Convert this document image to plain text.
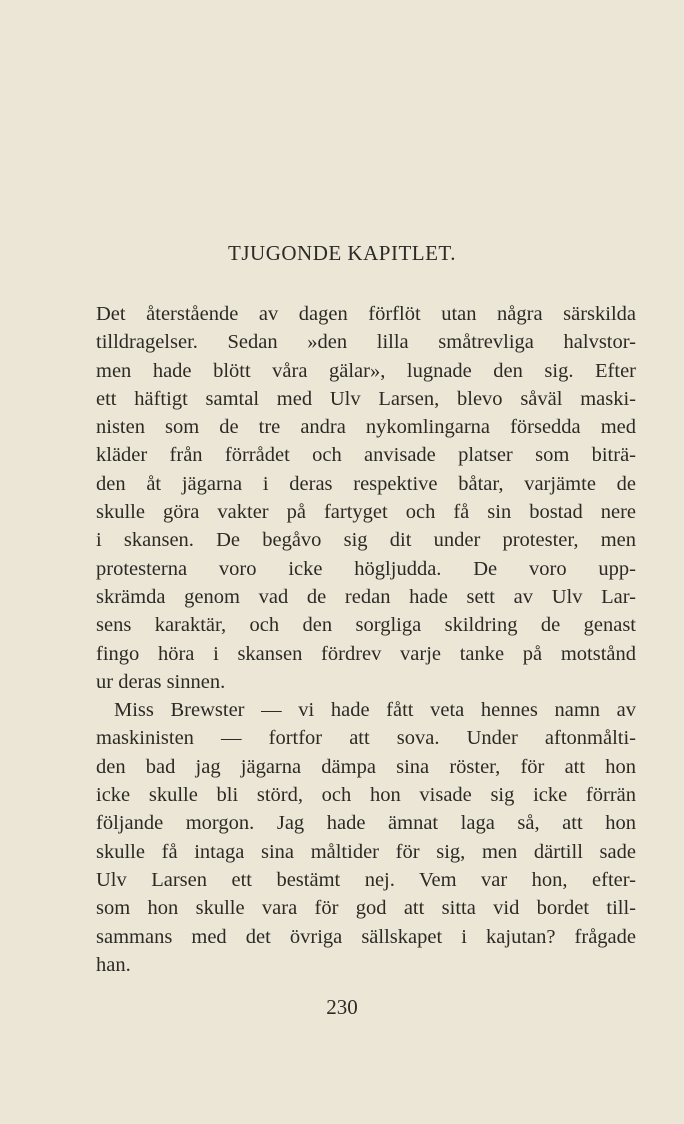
TJUGONDE KAPITLET.
Det återstående av dagen förflöt utan några särskilda
tilldragelser. Sedan »den lilla småtrevliga halvstor-
men hade blött våra gälar», lugnade den sig. Efter
ett häftigt samtal med Ulv Larsen, blevo såväl maski-
nisten som de tre andra nykomlingarna försedda med
kläder från förrådet och anvisade platser som biträ-
den åt jägarna i deras respektive båtar, varjämte de
skulle göra vakter på fartyget och få sin bostad nere
i skansen. De begåvo sig dit under protester, men
protesterna voro icke högljudda. De voro upp-
skrämda genom vad de redan hade sett av Ulv Lar-
sens karaktär, och den sorgliga skildring de genast
fingo höra i skansen fördrev varje tanke på motstånd
ur deras sinnen.
Miss Brewster — vi hade fått veta hennes namn av
maskinisten — fortfor att sova. Under aftonmålti-
den bad jag jägarna dämpa sina röster, för att hon
icke skulle bli störd, och hon visade sig icke förrän
följande morgon. Jag hade ämnat laga så, att hon
skulle få intaga sina måltider för sig, men därtill sade
Ulv Larsen ett bestämt nej. Vem var hon, efter-
som hon skulle vara för god att sitta vid bordet till-
sammans med det övriga sällskapet i kajutan? frågade
han.
230
